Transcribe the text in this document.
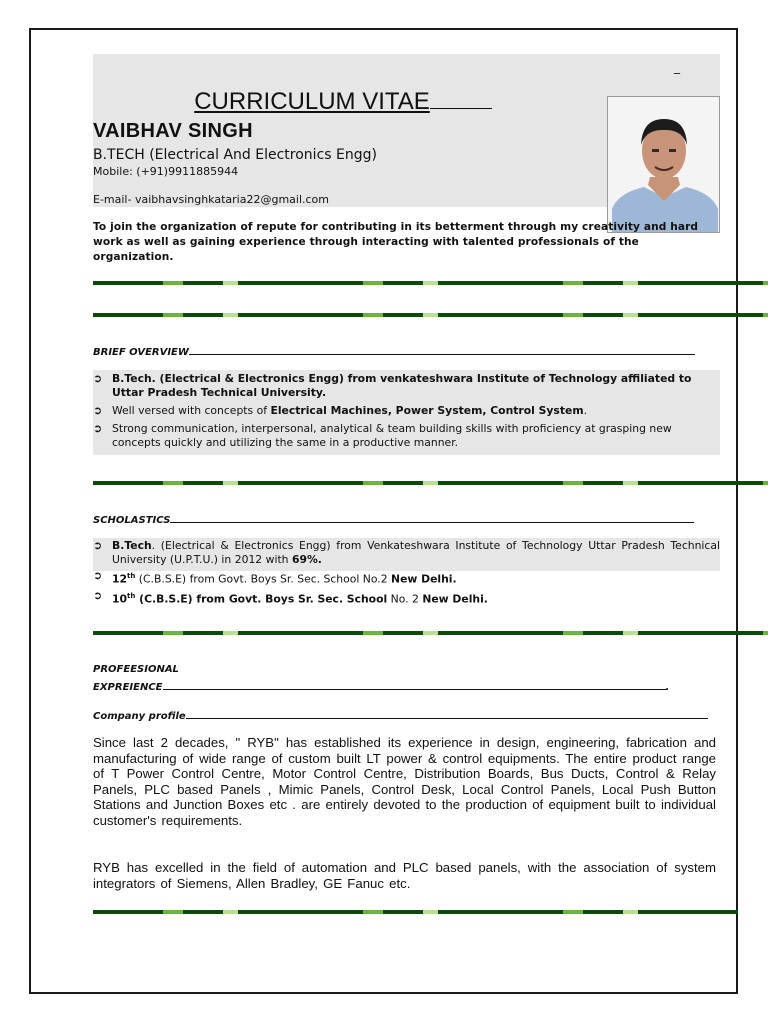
_
CURRICULUM VITAE
VAIBHAV SINGH
B.TECH (Electrical And Electronics Engg)
Mobile: (+91)9911885944
E-mail- vaibhavsinghkataria22@gmail.com
To join the organization of repute for contributing in its betterment through my creativity and hard work as well as gaining experience through interacting with talented professionals of the organization.
BRIEF OVERVIEW
➲ B.Tech. (Electrical & Electronics Engg) from venkateshwara Institute of Technology affiliated to Uttar Pradesh Technical University.
➲ Well versed with concepts of Electrical Machines, Power System, Control System.
➲ Strong communication, interpersonal, analytical & team building skills with proficiency at grasping new concepts quickly and utilizing the same in a productive manner.
SCHOLASTICS
➲ B.Tech. (Electrical & Electronics Engg) from Venkateshwara Institute of Technology Uttar Pradesh Technical University (U.P.T.U.) in 2012 with 69%.
➲ 12th (C.B.S.E) from Govt. Boys Sr. Sec. School No.2 New Delhi.
➲ 10th (C.B.S.E) from Govt. Boys Sr. Sec. School No. 2 New Delhi.
PROFEESIONAL
EXPREIENCE	.
Company profile
Since last 2 decades, " RYB" has established its experience in design, engineering, fabrication and manufacturing of wide range of custom built LT power & control equipments. The entire product range of T Power Control Centre, Motor Control Centre, Distribution Boards, Bus Ducts, Control & Relay Panels, PLC based Panels , Mimic Panels, Control Desk, Local Control Panels, Local Push Button Stations and Junction Boxes etc . are entirely devoted to the production of equipment built to individual customer's requirements.
RYB has excelled in the field of automation and PLC based panels, with the association of system integrators of Siemens, Allen Bradley, GE Fanuc etc.
